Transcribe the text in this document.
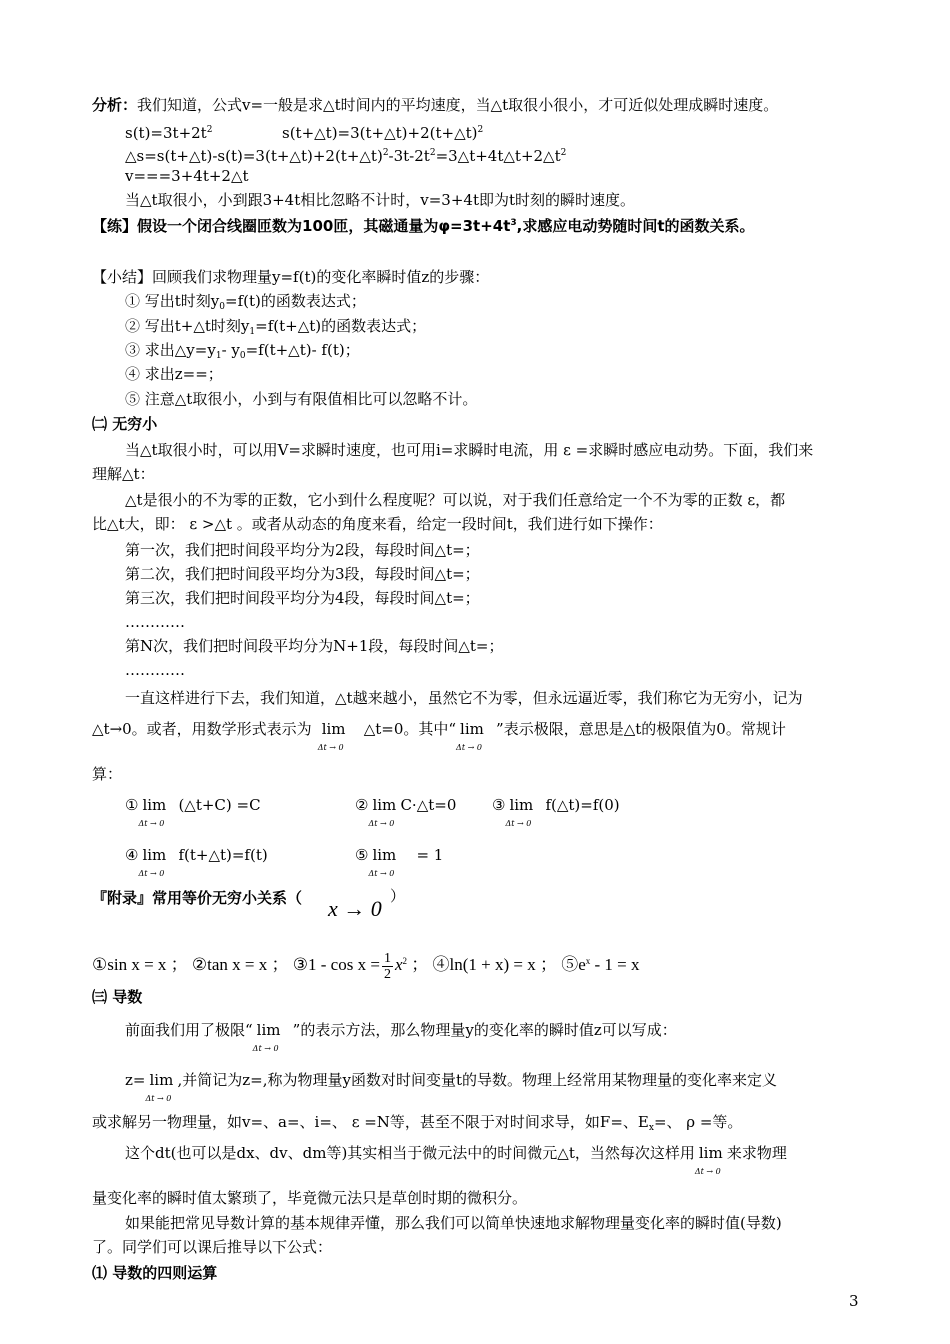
分析：我们知道，公式v=一般是求△t时间内的平均速度，当△t取很小很小，才可近似处理成瞬时速度。
$s(t)=3t+2t^2$	s(t+△t)=3(t+△t)+2(t+△t)$^2$
$\triangle s=s(t+\triangle t)-s(t)=3(t+\triangle t)+2(t+\triangle t)^2-3t-2t^2=3\triangle t+4t\triangle t+2\triangle t^2$
v===3+4t+2△t
当△t取很小，小到跟3+4t相比忽略不计时，v=3+4t即为t时刻的瞬时速度。
【练】假设一个闭合线圈匝数为100匝，其磁通量为$\varphi=3t+4t^3$,求感应电动势随时间t的函数关系。
【小结】回顾我们求物理量y=f(t)的变化率瞬时值z的步骤：
① 写出t时刻$y_0=f(t)$的函数表达式；
② 写出t+△t时刻$y_1=f(t+\triangle t)$的函数表达式；
③ 求出$\triangle y=y_1-$ $y_0=f(t+\triangle t)-$ f(t)；
④ 求出z==；
⑤ 注意△t取很小，小到与有限值相比可以忽略不计。
㈡ 无穷小
当△t取很小时，可以用V=求瞬时速度，也可用i=求瞬时电流，用 ε =求瞬时感应电动势。下面，我们来
理解△t：
△t是很小的不为零的正数，它小到什么程度呢？可以说，对于我们任意给定一个不为零的正数 ε，都
比△t大，即： ε >△t 。或者从动态的角度来看，给定一段时间t，我们进行如下操作：
第一次，我们把时间段平均分为2段，每段时间△t=；
第二次，我们把时间段平均分为3段，每段时间△t=；
第三次，我们把时间段平均分为4段，每段时间△t=；
…………
第N次，我们把时间段平均分为N+1段，每段时间△t=；
…………
一直这样进行下去，我们知道，△t越来越小，虽然它不为零，但永远逼近零，我们称它为无穷小，记为
△t→0。或者，用数学形式表示为 lim
Δt → 0
△t=0。其中“ lim
Δt → 0
”表示极限，意思是△t的极限值为0。常规计
算：
① lim
Δt → 0
(△t+C) =C	② lim
Δt → 0
C·△t=0 ③ lim
Δt → 0
f(△t)=f(0)
④ lim
Δt → 0
f(t+△t)=f(t)	⑤ lim
Δt → 0
= 1
『附录』常用等价无穷小关系（ x → 0 ）
①sin x = x ； ②tan x = x ； ③1 - $\cos x = \frac{1}{2} x^2$ ； ④ln(1 + x) = x ； $⑤e^x - 1 = x$
㈢ 导数
前面我们用了极限“ lim
Δt → 0
”的表示方法，那么物理量y的变化率的瞬时值z可以写成：
z= lim
Δt → 0
,并简记为z=,称为物理量y函数对时间变量t的导数。物理上经常用某物理量的变化率来定义
或求解另一物理量，如v=、a=、i=、 ε =N等，甚至不限于对时间求导，如F=、$E_x=$、 ρ =等。
这个dt(也可以是dx、dv、dm等)其实相当于微元法中的时间微元△t，当然每次这样用 lim
Δt → 0
来求物理
量变化率的瞬时值太繁琐了，毕竟微元法只是草创时期的微积分。
如果能把常见导数计算的基本规律弄懂，那么我们可以简单快速地求解物理量变化率的瞬时值(导数)
了。同学们可以课后推导以下公式：
⑴ 导数的四则运算
3
